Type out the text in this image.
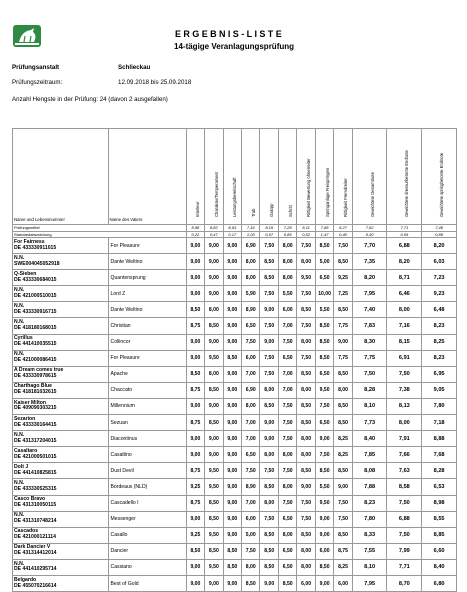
ERGEBNIS-LISTE
14-tägige Veranlagungsprüfung
Prüfungsanstalt	Schlieckau
Prüfungszeitraum:	12.09.2018 bis 25.09.2018
Anzahl Hengste in der Prüfung: 24 (davon 2 ausgefallen)
Name und Lebensnummer	Name des Vaters	Interieur	Charakter/Temperament	Leistungsbereitschaft	Trab	Galopp	Schritt	Rittigkeit Bewertung ohnerreiter	Springanlage Freispringen	Rittigkeit Fremdreiter	Gewichtete Gesamtnote	Gewichtete dressurbetonte Endnote	Gewichtete springbetonte Endnote

Prüfungsmittel		8,98	8,82	8,93	7,16	8,16	7,28	8,11	7,68	8,27	7,92	7,71	7,48
Standardabweichung		0,22	0,47	0,17	1,03	0,57	0,85	0,52	1,47	0,40	0,30	0,59	0,88

For Fairness
DE 433330911015	For Pleasure	9,00	9,00	9,00	6,90	7,50	8,00	7,50	8,50	7,50	7,70	6,88	8,20

N.N.
SWE004045052918	Dante Weltino	9,00	9,00	9,00	8,00	8,50	8,00	8,00	5,00	8,50	7,35	8,20	6,03

Q-Sieben
DE 433330684015	Quantensprung	9,00	9,00	9,00	8,00	8,50	8,00	9,50	6,50	9,25	8,20	8,71	7,23

N.N.
DE 421000510015	Lord Z	9,00	9,00	9,00	5,90	7,50	5,50	7,50	10,00	7,25	7,95	6,46	9,23

N.N.
DE 433330916715	Dante Weltino	8,50	8,00	9,00	8,90	9,00	6,00	8,50	5,50	8,50	7,40	8,00	6,48

N.N.
DE 418180168015	Christian	8,75	8,50	9,00	6,50	7,50	7,00	7,50	8,50	7,75	7,83	7,16	8,23

Cyrillus
DE 441410035515	Collincor	9,00	9,00	9,00	7,50	9,00	7,50	8,00	8,50	9,00	8,30	8,15	8,25

N.N.
DE 421000086415	For Pleasure	9,00	9,50	8,50	6,00	7,50	6,50	7,50	8,50	7,75	7,75	6,91	8,23

A Dream comes true
DE 433330978615	Apache	8,50	8,00	9,00	7,00	7,50	7,00	8,50	6,50	8,50	7,50	7,50	6,95

Charthago Blue
DE 418181032615	Chaccato	8,75	8,50	9,00	6,90	8,00	7,00	8,00	9,50	8,00	8,28	7,38	9,05

Kaiser Milton
DE 409090303215	Millennium	9,00	9,00	9,00	8,00	8,50	7,50	8,50	7,50	8,50	8,10	8,13	7,80

Sezarion
DE 433330164415	Sezuan	8,75	8,50	9,00	7,00	9,00	7,50	8,50	6,50	8,50	7,73	8,00	7,18

N.N.
DE 431317204015	Diacontinus	9,00	9,00	9,00	7,00	9,00	7,50	8,00	9,00	8,25	8,40	7,91	8,88

Casaltaro
DE 421000501015	Casaltino	9,00	9,00	9,00	6,50	8,00	8,00	8,00	7,50	8,25	7,85	7,66	7,68

Dolt J
DE 441410825815	Dust Devil	8,75	9,50	9,00	7,50	7,50	7,50	8,50	8,50	8,50	8,08	7,63	8,28

N.N.
DE 433330525315	Bordeaux (NLD)	9,25	9,50	9,00	8,90	8,50	8,00	9,00	5,50	9,00	7,88	8,58	6,53

Casco Bravo
DE 431310050115	Cascadello I	8,75	8,50	9,00	7,00	8,00	7,50	7,50	9,50	7,50	8,23	7,50	8,98

N.N.
DE 431310748214	Messenger	9,00	8,50	9,00	6,00	7,50	6,50	7,50	9,00	7,50	7,80	6,88	8,55

Cascados
DE 421000121114	Casallo	9,25	9,50	9,00	5,00	8,50	8,00	8,50	9,00	8,50	8,33	7,50	8,85

Dark Dancier V
DE 431314412014	Dancier	8,50	8,50	8,50	7,50	8,50	6,50	8,00	6,00	8,75	7,55	7,99	6,60

N.N.
DE 441410295714	Cassiano	9,00	9,50	8,50	8,00	8,50	6,50	8,00	8,50	8,25	8,10	7,71	8,40

Belgardo
DE 455070216614	Best of Gold	9,00	9,00	9,00	8,50	9,00	8,50	6,00	9,00	6,00	7,95	8,70	6,80
